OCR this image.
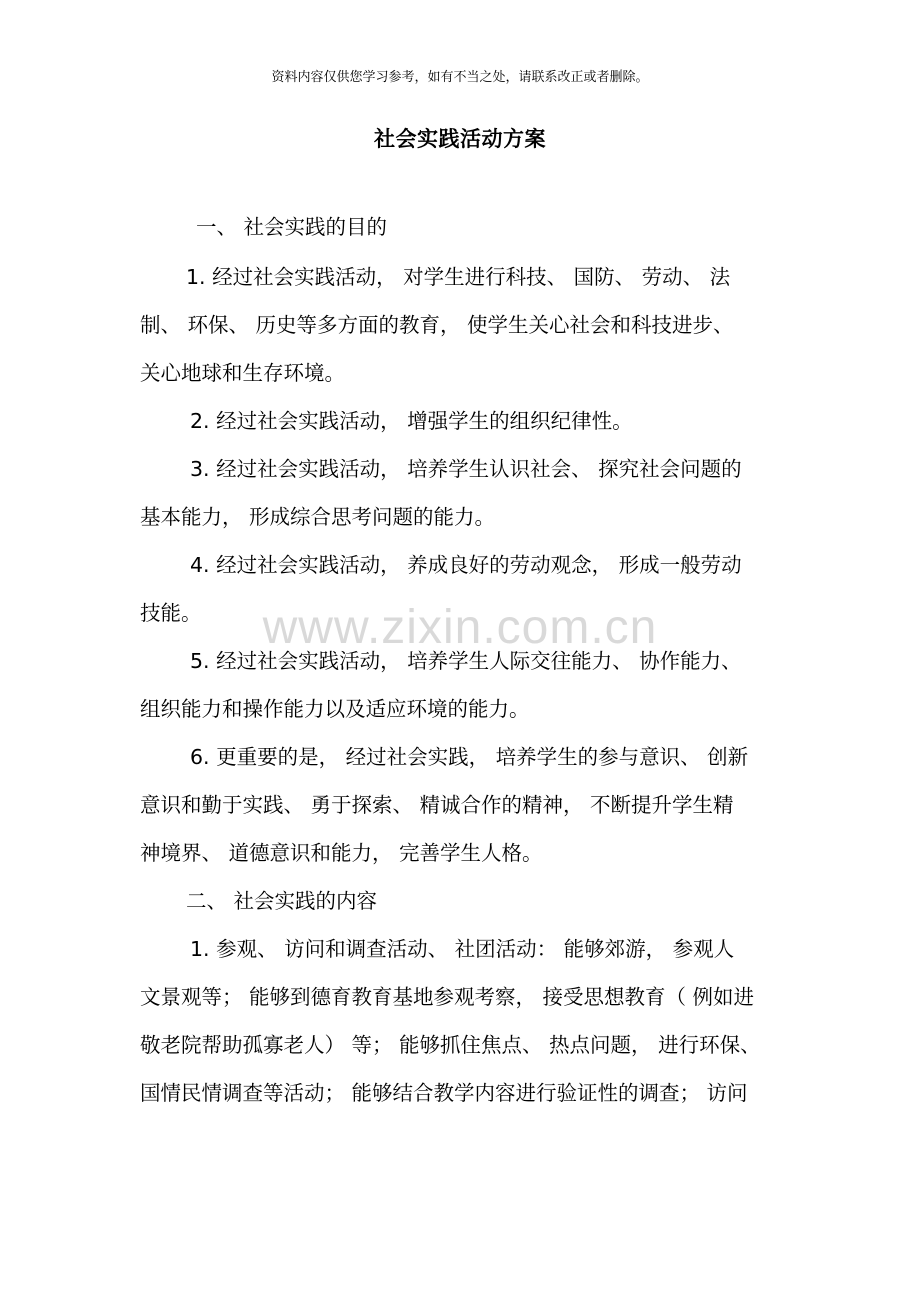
资料内容仅供您学习参考，如有不当之处，请联系改正或者删除。
社会实践活动方案
www.zixin.com.cn
一、 社会实践的目的
1. 经过社会实践活动， 对学生进行科技、 国防、 劳动、 法
制、 环保、 历史等多方面的教育， 使学生关心社会和科技进步、
关心地球和生存环境。
2. 经过社会实践活动， 增强学生的组织纪律性。
3. 经过社会实践活动， 培养学生认识社会、 探究社会问题的
基本能力， 形成综合思考问题的能力。
4. 经过社会实践活动， 养成良好的劳动观念， 形成一般劳动
技能。
5. 经过社会实践活动， 培养学生人际交往能力、 协作能力、
组织能力和操作能力以及适应环境的能力。
6. 更重要的是， 经过社会实践， 培养学生的参与意识、 创新
意识和勤于实践、 勇于探索、 精诚合作的精神， 不断提升学生精
神境界、 道德意识和能力， 完善学生人格。
二、 社会实践的内容
1. 参观、 访问和调查活动、 社团活动： 能够郊游， 参观人
文景观等； 能够到德育教育基地参观考察， 接受思想教育（ 例如进
敬老院帮助孤寡老人） 等； 能够抓住焦点、 热点问题， 进行环保、
国情民情调查等活动； 能够结合教学内容进行验证性的调查； 访问
